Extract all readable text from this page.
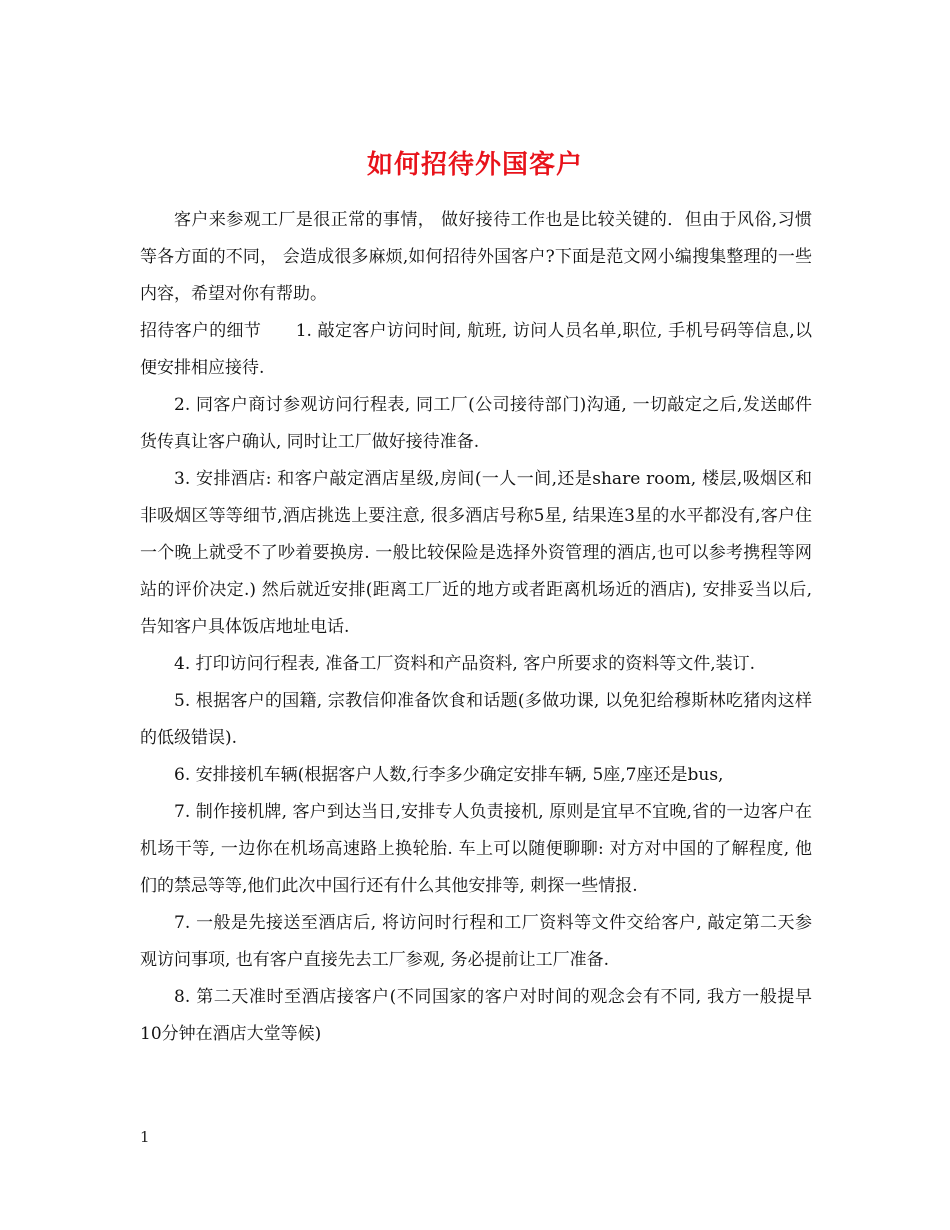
如何招待外国客户

客户来参观工厂是很正常的事情， 做好接待工作也是比较关键的．但由于风俗,习惯等各方面的不同， 会造成很多麻烦,如何招待外国客户?下面是范文网小编搜集整理的一些内容，希望对你有帮助。

招待客户的细节　　1. 敲定客户访问时间, 航班, 访问人员名单,职位, 手机号码等信息,以便安排相应接待.

2. 同客户商讨参观访问行程表, 同工厂(公司接待部门)沟通, 一切敲定之后,发送邮件货传真让客户确认, 同时让工厂做好接待准备.

3. 安排酒店: 和客户敲定酒店星级,房间(一人一间,还是share room, 楼层,吸烟区和非吸烟区等等细节,酒店挑选上要注意, 很多酒店号称5星, 结果连3星的水平都没有,客户住一个晚上就受不了吵着要换房. 一般比较保险是选择外资管理的酒店,也可以参考携程等网站的评价决定.) 然后就近安排(距离工厂近的地方或者距离机场近的酒店), 安排妥当以后, 告知客户具体饭店地址电话.

4. 打印访问行程表, 准备工厂资料和产品资料, 客户所要求的资料等文件,装订.

5. 根据客户的国籍, 宗教信仰准备饮食和话题(多做功课, 以免犯给穆斯林吃猪肉这样的低级错误).

6. 安排接机车辆(根据客户人数,行李多少确定安排车辆, 5座,7座还是bus,

7. 制作接机牌, 客户到达当日,安排专人负责接机, 原则是宜早不宜晚,省的一边客户在机场干等, 一边你在机场高速路上换轮胎. 车上可以随便聊聊: 对方对中国的了解程度, 他们的禁忌等等,他们此次中国行还有什么其他安排等, 刺探一些情报.

7. 一般是先接送至酒店后, 将访问时行程和工厂资料等文件交给客户, 敲定第二天参观访问事项, 也有客户直接先去工厂参观, 务必提前让工厂准备.

8. 第二天准时至酒店接客户(不同国家的客户对时间的观念会有不同, 我方一般提早10分钟在酒店大堂等候)

1
